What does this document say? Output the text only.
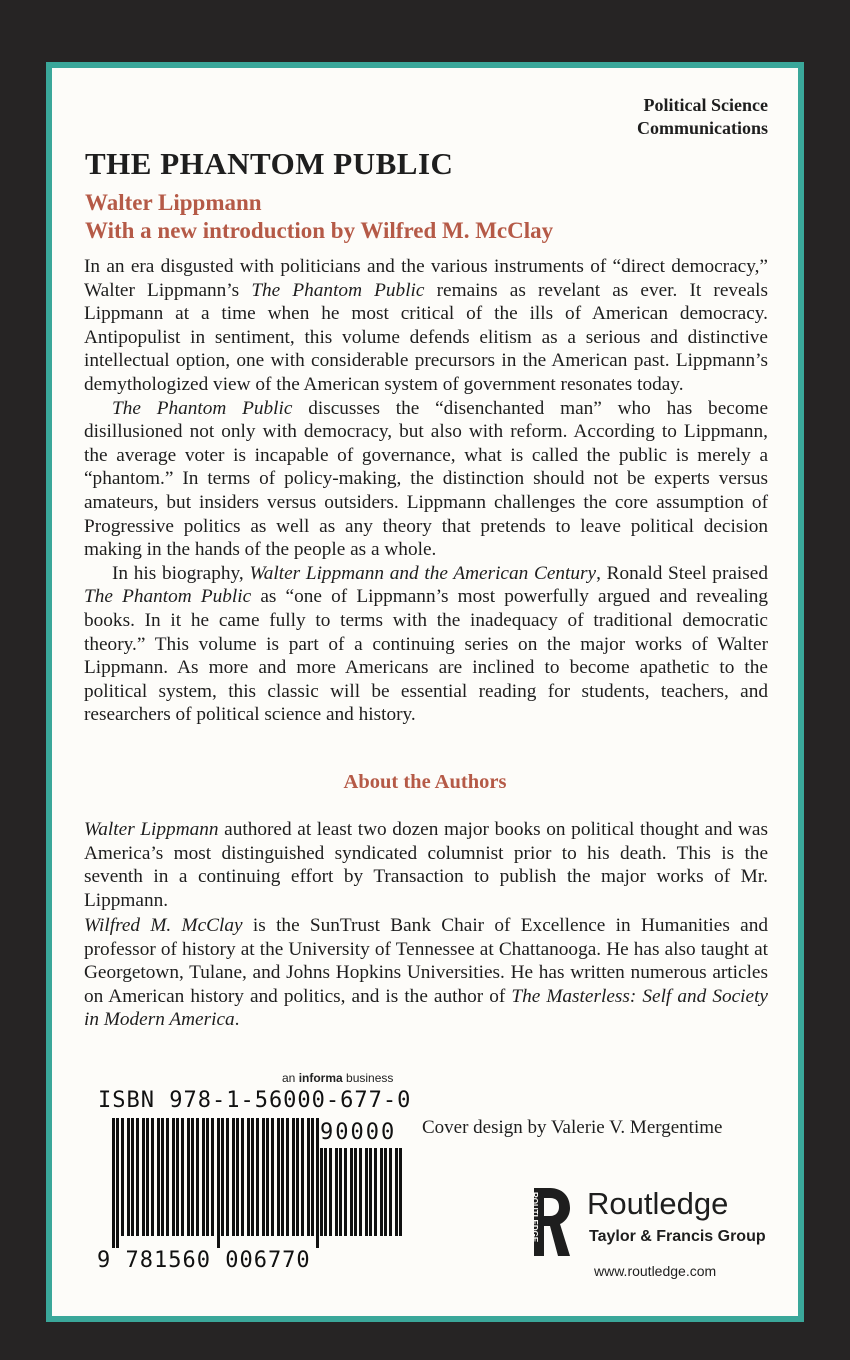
Political Science
Communications
THE PHANTOM PUBLIC
Walter Lippmann
With a new introduction by Wilfred M. McClay

In an era disgusted with politicians and the various instruments of “direct democracy,” Walter Lippmann’s The Phantom Public remains as revelant as ever. It reveals Lippmann at a time when he most critical of the ills of American democracy. Antipopulist in sentiment, this volume defends elitism as a serious and distinctive intellectual option, one with considerable precursors in the American past. Lippmann’s demythologized view of the American system of government resonates today.

The Phantom Public discusses the “disenchanted man” who has become disillusioned not only with democracy, but also with reform. According to Lippmann, the average voter is incapable of governance, what is called the public is merely a “phantom.” In terms of policy-making, the distinction should not be experts versus amateurs, but insiders versus outsiders. Lippmann challenges the core assumption of Progressive politics as well as any theory that pretends to leave political decision making in the hands of the people as a whole.

In his biography, Walter Lippmann and the American Century, Ronald Steel praised The Phantom Public as “one of Lippmann’s most powerfully argued and revealing books. In it he came fully to terms with the inadequacy of traditional democratic theory.” This volume is part of a continuing series on the major works of Walter Lippmann. As more and more Americans are inclined to become apathetic to the political system, this classic will be essential reading for students, teachers, and researchers of political science and history.

About the Authors

Walter Lippmann authored at least two dozen major books on political thought and was America’s most distinguished syndicated columnist prior to his death. This is the seventh in a continuing effort by Transaction to publish the major works of Mr. Lippmann.

Wilfred M. McClay is the SunTrust Bank Chair of Excellence in Humanities and professor of history at the University of Tennessee at Chattanooga. He has also taught at Georgetown, Tulane, and Johns Hopkins Universities. He has written numerous articles on American history and politics, and is the author of The Masterless: Self and Society in Modern America.

an informa business
ISBN 978-1-56000-677-0
90000
9 781560 006770
Cover design by Valerie V. Mergentime
ROUTLEDGE Routledge
Taylor & Francis Group
www.routledge.com
